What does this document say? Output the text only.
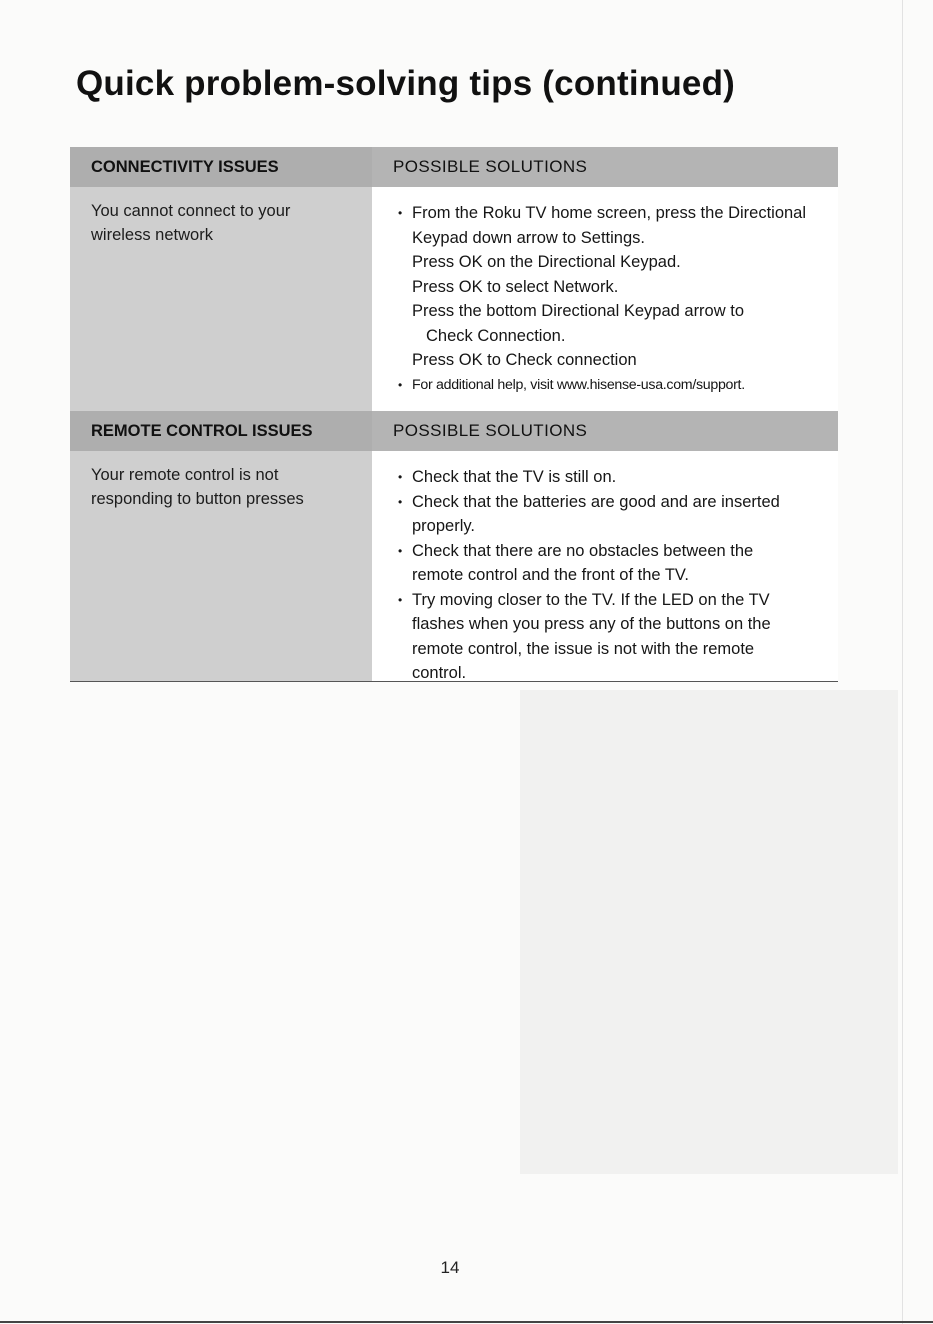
Quick problem-solving tips (continued)
CONNECTIVITY ISSUES
You cannot connect to your wireless network
POSSIBLE SOLUTIONS
• From the Roku TV home screen, press the Directional Keypad down arrow to Settings.
Press OK on the Directional Keypad.
Press OK to select Network.
Press the bottom Directional Keypad arrow to
Check Connection.
Press OK to Check connection
• For additional help, visit www.hisense-usa.com/support.
REMOTE CONTROL ISSUES
Your remote control is not responding to button presses
POSSIBLE SOLUTIONS
• Check that the TV is still on.
• Check that the batteries are good and are inserted properly.
• Check that there are no obstacles between the remote control and the front of the TV.
• Try moving closer to the TV. If the LED on the TV flashes when you press any of the buttons on the remote control, the issue is not with the remote control.
14
